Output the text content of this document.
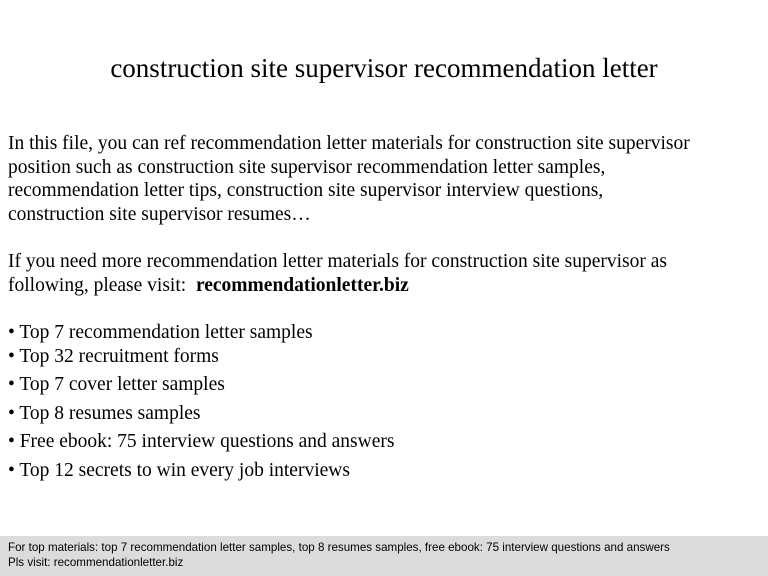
construction site supervisor recommendation letter
In this file, you can ref recommendation letter materials for construction site supervisor
position such as construction site supervisor recommendation letter samples,
recommendation letter tips, construction site supervisor interview questions,
construction site supervisor resumes…
If you need more recommendation letter materials for construction site supervisor as
following, please visit: recommendationletter.biz
• Top 7 recommendation letter samples
• Top 32 recruitment forms
• Top 7 cover letter samples
• Top 8 resumes samples
• Free ebook: 75 interview questions and answers
• Top 12 secrets to win every job interviews
For top materials: top 7 recommendation letter samples, top 8 resumes samples, free ebook: 75 interview questions and answers
Pls visit: recommendationletter.biz
